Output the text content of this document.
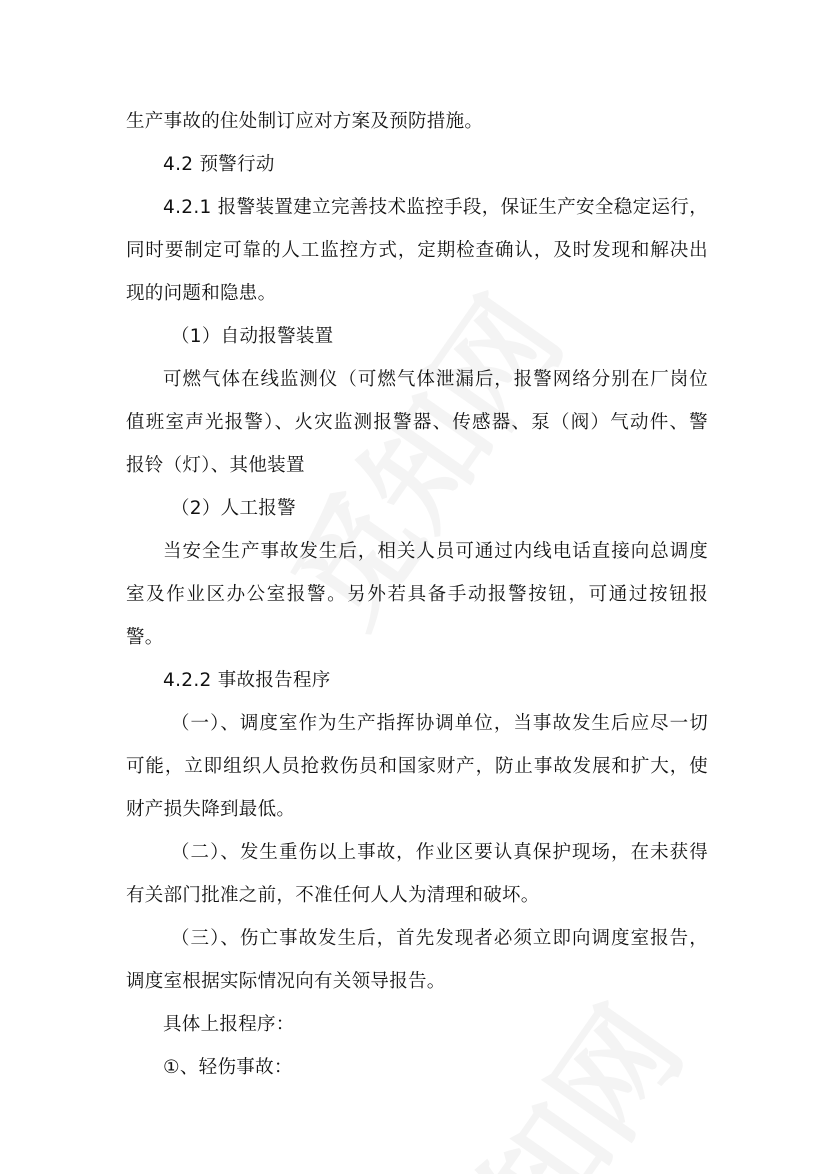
生产事故的住处制订应对方案及预防措施。

4.2 预警行动

4.2.1 报警装置建立完善技术监控手段，保证生产安全稳定运行，

同时要制定可靠的人工监控方式，定期检查确认，及时发现和解决出

现的问题和隐患。

（1）自动报警装置

可燃气体在线监测仪（可燃气体泄漏后，报警网络分别在厂岗位

值班室声光报警）、火灾监测报警器、传感器、泵（阀）气动件、警

报铃（灯）、其他装置

（2）人工报警

当安全生产事故发生后，相关人员可通过内线电话直接向总调度

室及作业区办公室报警。另外若具备手动报警按钮，可通过按钮报警。

4.2.2 事故报告程序

（一）、调度室作为生产指挥协调单位，当事故发生后应尽一切

可能，立即组织人员抢救伤员和国家财产，防止事故发展和扩大，使

财产损失降到最低。

（二）、发生重伤以上事故，作业区要认真保护现场，在未获得

有关部门批准之前，不准任何人人为清理和破坏。

（三）、伤亡事故发生后，首先发现者必须立即向调度室报告，

调度室根据实际情况向有关领导报告。

具体上报程序：

①、轻伤事故：
